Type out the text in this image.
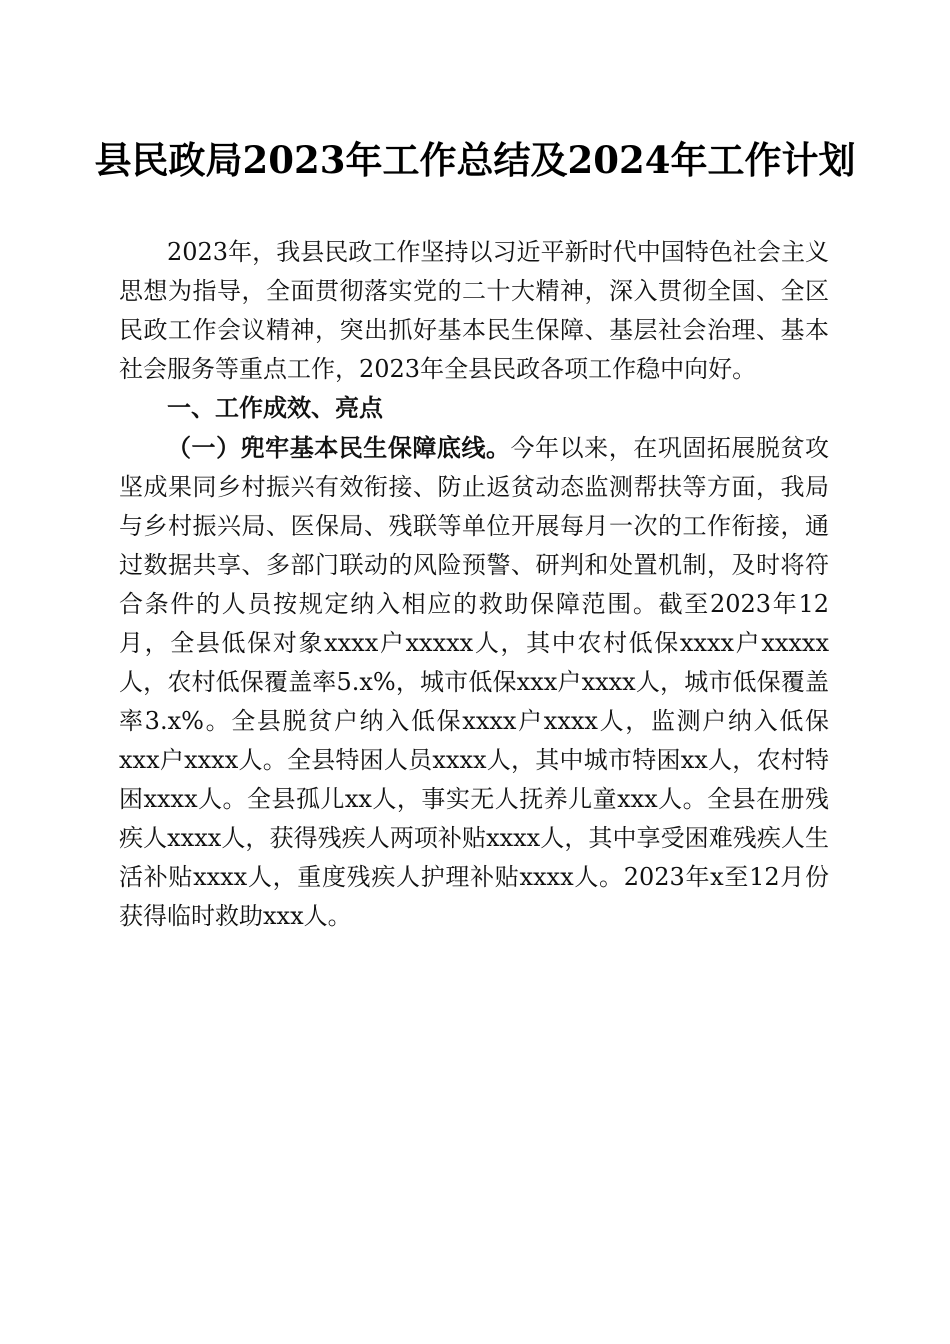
县民政局2023年工作总结及2024年工作计划

2023年，我县民政工作坚持以习近平新时代中国特色社会主义思想为指导，全面贯彻落实党的二十大精神，深入贯彻全国、全区民政工作会议精神，突出抓好基本民生保障、基层社会治理、基本社会服务等重点工作，2023年全县民政各项工作稳中向好。

一、工作成效、亮点

（一）兜牢基本民生保障底线。今年以来，在巩固拓展脱贫攻坚成果同乡村振兴有效衔接、防止返贫动态监测帮扶等方面，我局与乡村振兴局、医保局、残联等单位开展每月一次的工作衔接，通过数据共享、多部门联动的风险预警、研判和处置机制，及时将符合条件的人员按规定纳入相应的救助保障范围。截至2023年12月，全县低保对象xxxx户xxxxx人，其中农村低保xxxx户xxxxx人，农村低保覆盖率5.x%，城市低保xxx户xxxx人，城市低保覆盖率3.x%。全县脱贫户纳入低保xxxx户xxxx人，监测户纳入低保xxx户xxxx人。全县特困人员xxxx人，其中城市特困xx人，农村特困xxxx人。全县孤儿xx人，事实无人抚养儿童xxx人。全县在册残疾人xxxx人，获得残疾人两项补贴xxxx人，其中享受困难残疾人生活补贴xxxx人，重度残疾人护理补贴xxxx人。2023年x至12月份获得临时救助xxx人。
